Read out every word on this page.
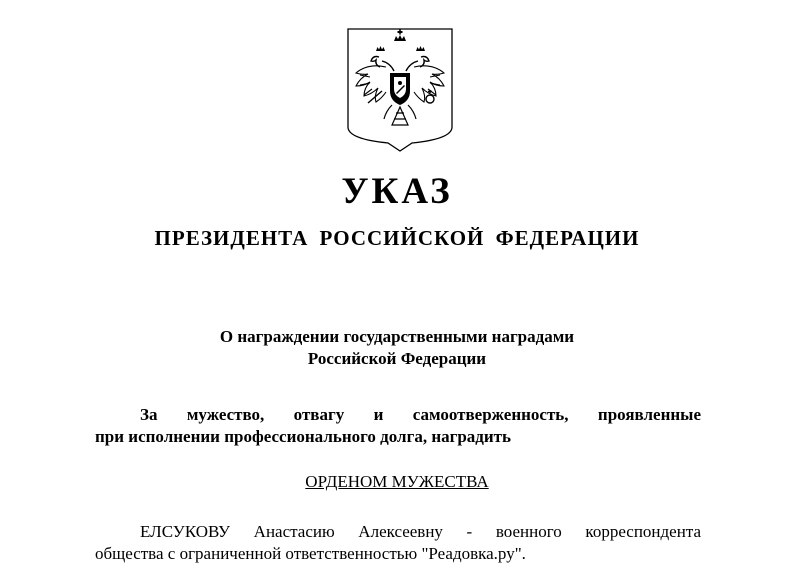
УКАЗ
ПРЕЗИДЕНТА РОССИЙСКОЙ ФЕДЕРАЦИИ
О награждении государственными наградами
Российской Федерации
За мужество, отвагу и самоотверженность, проявленные
при исполнении профессионального долга, наградить
ОРДЕНОМ МУЖЕСТВА
ЕЛСУКОВУ Анастасию Алексеевну - военного корреспондента
общества с ограниченной ответственностью "Реадовка.ру".
